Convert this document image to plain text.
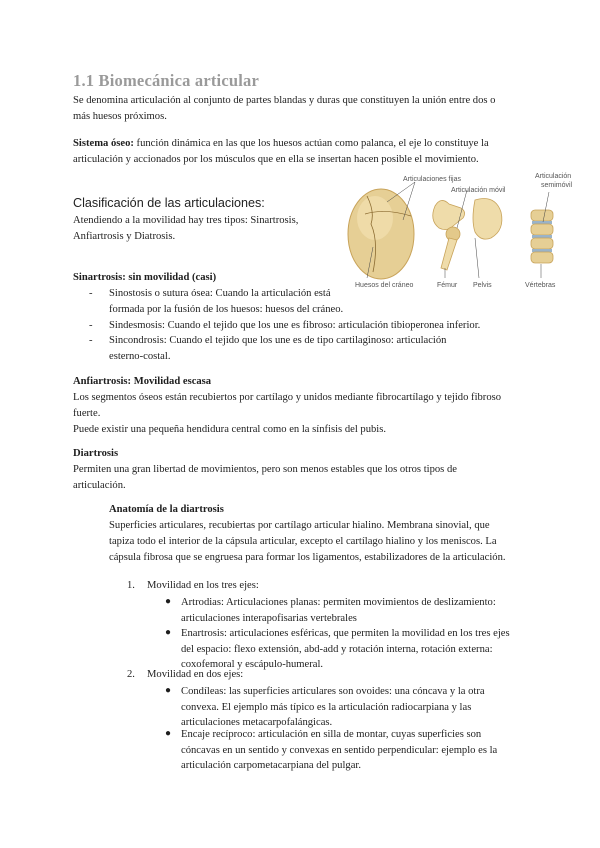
1.1 Biomecánica articular
Se denomina articulación al conjunto de partes blandas y duras que constituyen la unión entre dos o
más huesos próximos.
Sistema óseo: función dinámica en las que los huesos actúan como palanca, el eje lo constituye la
articulación y accionados por los músculos que en ella se insertan hacen posible el movimiento.
Clasificación de las articulaciones:
Atendiendo a la movilidad hay tres tipos: Sinartrosis,
Anfiartrosis y Diatrosis.
Articulaciones fijas
Articulación móvil
Articulación
semimóvil
Huesos del cráneo	Fémur Pelvis	Vértebras
Sinartrosis: sin movilidad (casi)
- Sinostosis o sutura ósea: Cuando la articulación está
formada por la fusión de los huesos: huesos del cráneo.
- Sindesmosis: Cuando el tejido que los une es fibroso: articulación tibioperonea inferior.
- Sincondrosis: Cuando el tejido que los une es de tipo cartilaginoso: articulación
esterno-costal.
Anfiartrosis: Movilidad escasa
Los segmentos óseos están recubiertos por cartílago y unidos mediante fibrocartílago y tejido fibroso
fuerte.
Puede existir una pequeña hendidura central como en la sínfisis del pubis.
Diartrosis
Permiten una gran libertad de movimientos, pero son menos estables que los otros tipos de
articulación.
Anatomía de la diartrosis
Superficies articulares, recubiertas por cartílago articular hialino. Membrana sinovial, que
tapiza todo el interior de la cápsula articular, excepto el cartílago hialino y los meniscos. La
cápsula fibrosa que se engruesa para formar los ligamentos, estabilizadores de la articulación.
1. Movilidad en los tres ejes:
● Artrodias: Articulaciones planas: permiten movimientos de deslizamiento:
articulaciones interapofisarias vertebrales
● Enartrosis: articulaciones esféricas, que permiten la movilidad en los tres ejes
del espacio: flexo extensión, abd-add y rotación interna, rotación externa:
coxofemoral y escápulo-humeral.
2. Movilidad en dos ejes:
● Condíleas: las superficies articulares son ovoides: una cóncava y la otra
convexa. El ejemplo más típico es la articulación radiocarpiana y las
articulaciones metacarpofalángicas.
● Encaje recíproco: articulación en silla de montar, cuyas superficies son
cóncavas en un sentido y convexas en sentido perpendicular: ejemplo es la
articulación carpometacarpiana del pulgar.
